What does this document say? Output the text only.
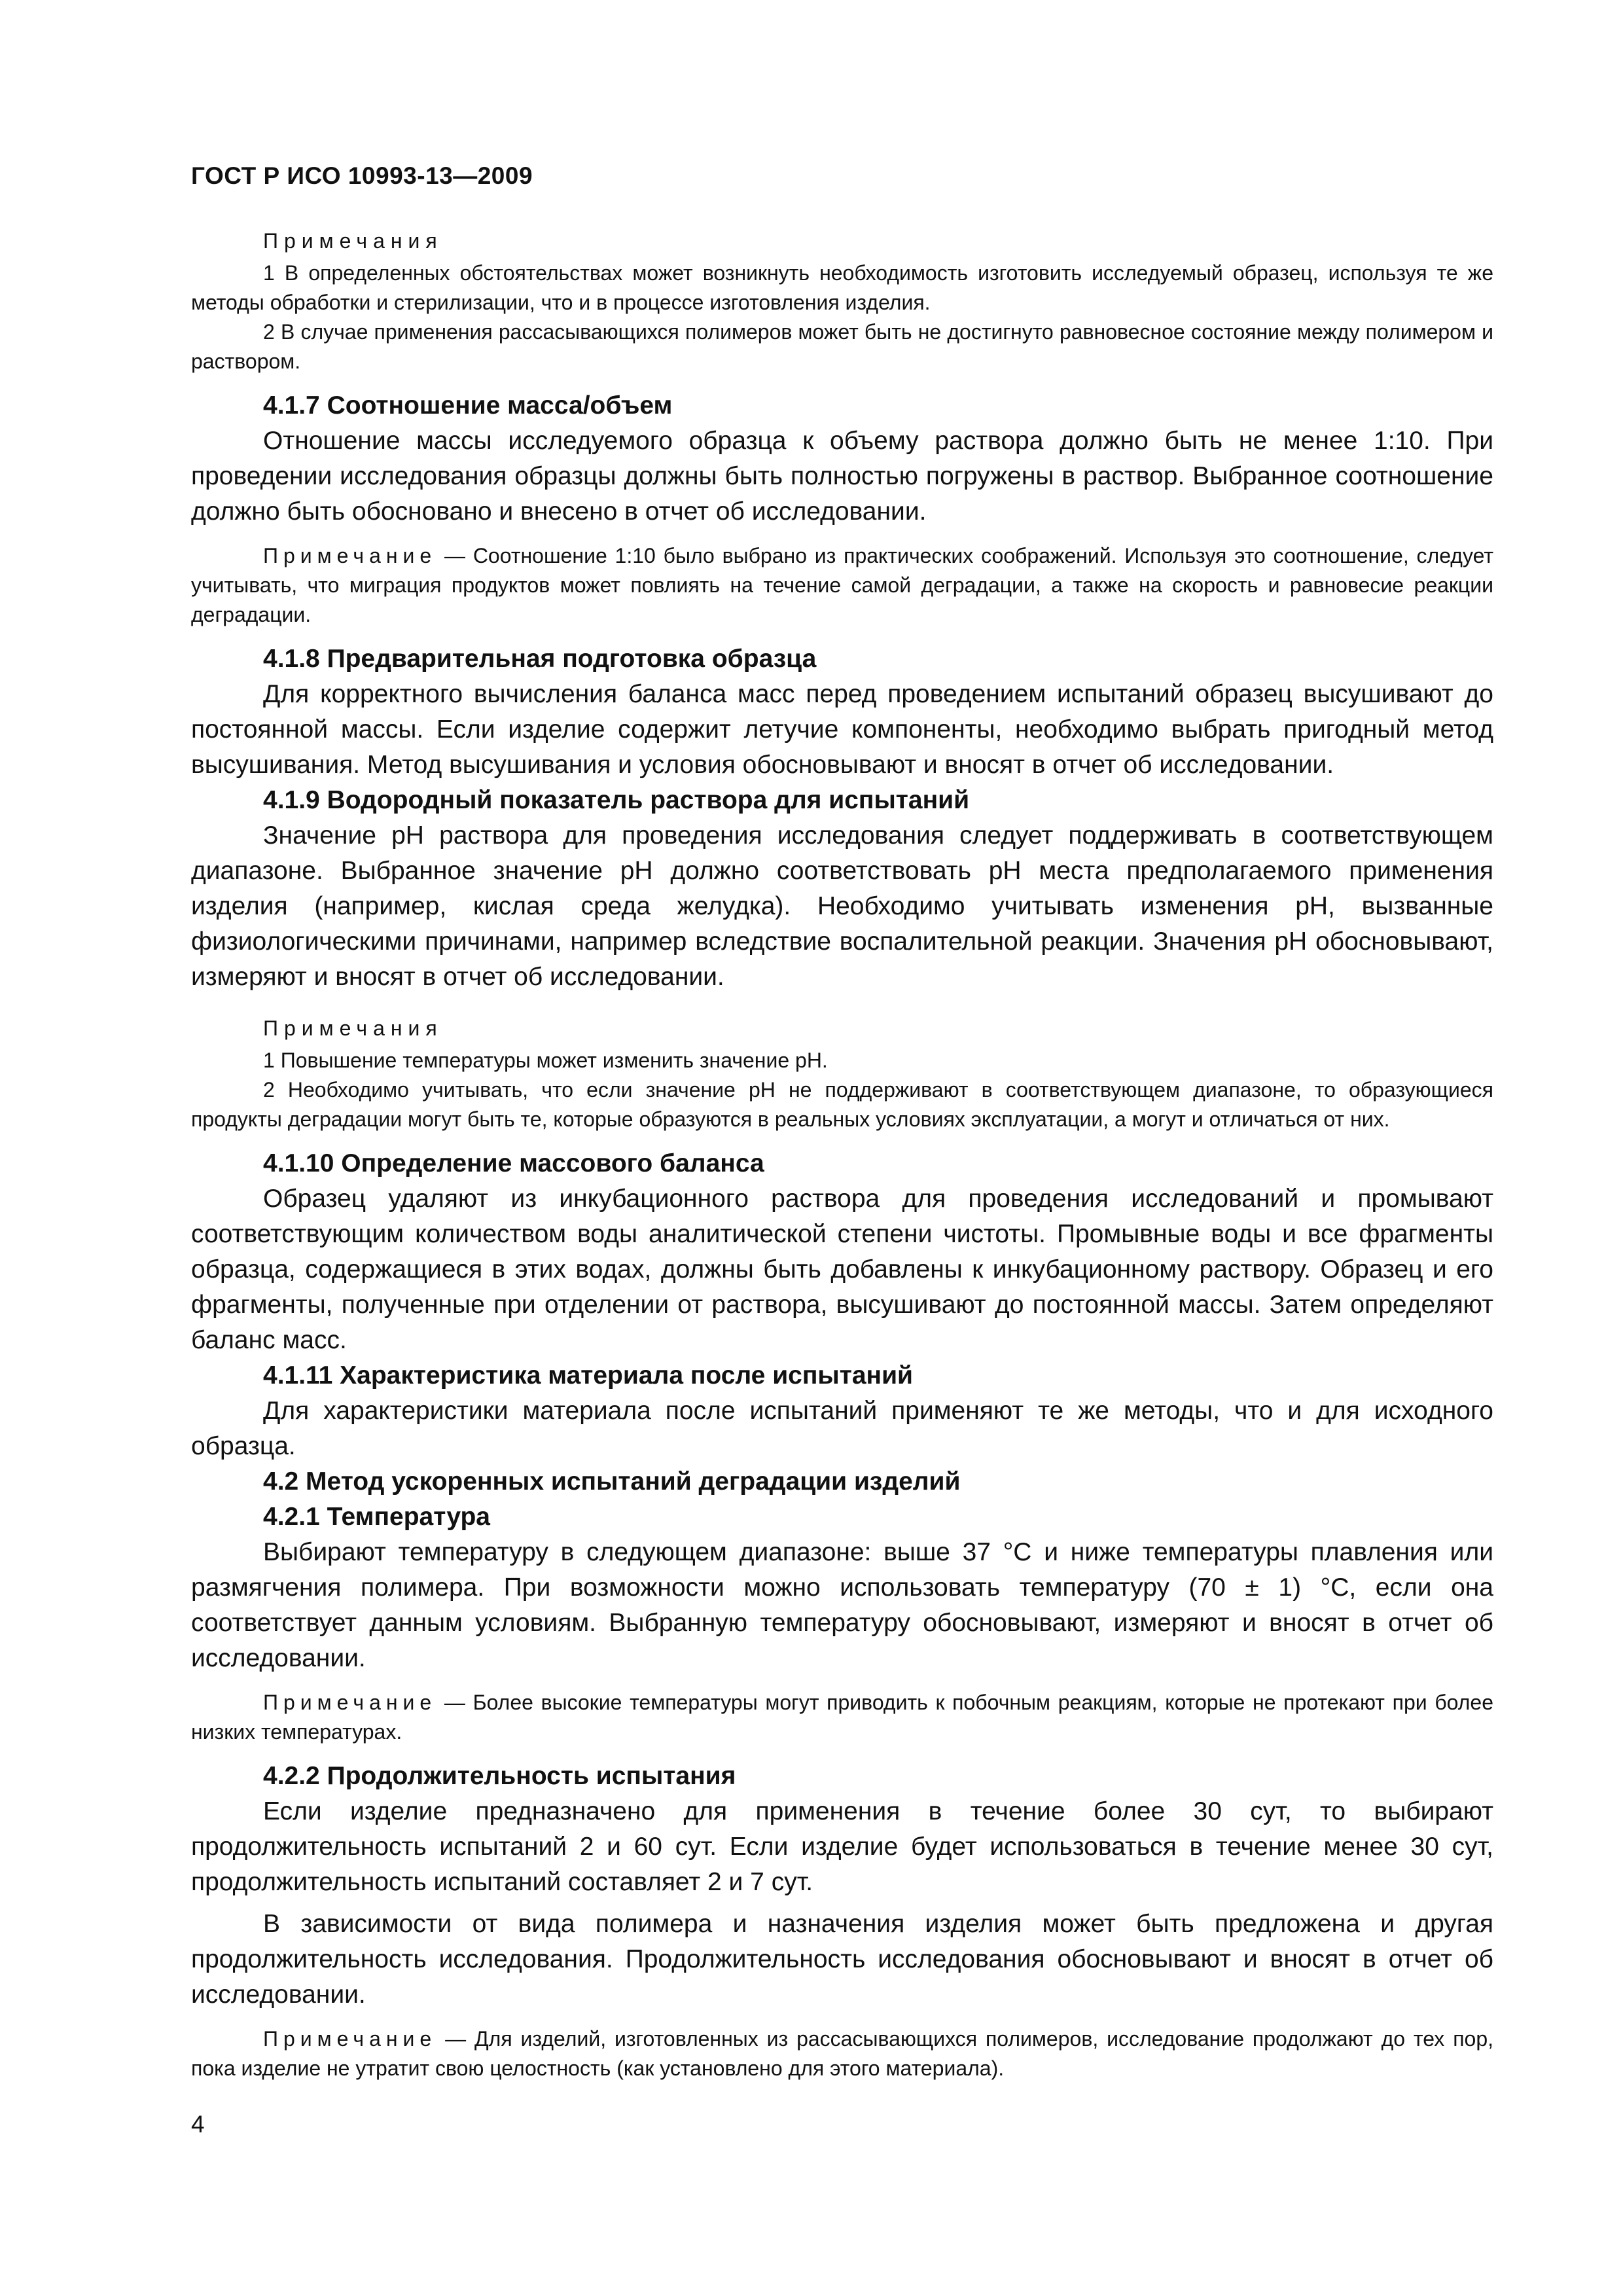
ГОСТ Р ИСО 10993-13—2009
Примечания

1 В определенных обстоятельствах может возникнуть необходимость изготовить исследуемый образец, используя те же методы обработки и стерилизации, что и в процессе изготовления изделия.

2 В случае применения рассасывающихся полимеров может быть не достигнуто равновесное состояние между полимером и раствором.

4.1.7 Соотношение масса/объем

Отношение массы исследуемого образца к объему раствора должно быть не менее 1:10. При проведении исследования образцы должны быть полностью погружены в раствор. Выбранное соотношение должно быть обосновано и внесено в отчет об исследовании.

Примечание — Соотношение 1:10 было выбрано из практических соображений. Используя это соотношение, следует учитывать, что миграция продуктов может повлиять на течение самой деградации, а также на скорость и равновесие реакции деградации.

4.1.8 Предварительная подготовка образца

Для корректного вычисления баланса масс перед проведением испытаний образец высушивают до постоянной массы. Если изделие содержит летучие компоненты, необходимо выбрать пригодный метод высушивания. Метод высушивания и условия обосновывают и вносят в отчет об исследовании.

4.1.9 Водородный показатель раствора для испытаний

Значение pH раствора для проведения исследования следует поддерживать в соответствующем диапазоне. Выбранное значение pH должно соответствовать pH места предполагаемого применения изделия (например, кислая среда желудка). Необходимо учитывать изменения pH, вызванные физиологическими причинами, например вследствие воспалительной реакции. Значения pH обосновывают, измеряют и вносят в отчет об исследовании.

Примечания

1 Повышение температуры может изменить значение pH.

2 Необходимо учитывать, что если значение pH не поддерживают в соответствующем диапазоне, то образующиеся продукты деградации могут быть те, которые образуются в реальных условиях эксплуатации, а могут и отличаться от них.

4.1.10 Определение массового баланса

Образец удаляют из инкубационного раствора для проведения исследований и промывают соответствующим количеством воды аналитической степени чистоты. Промывные воды и все фрагменты образца, содержащиеся в этих водах, должны быть добавлены к инкубационному раствору. Образец и его фрагменты, полученные при отделении от раствора, высушивают до постоянной массы. Затем определяют баланс масс.

4.1.11 Характеристика материала после испытаний

Для характеристики материала после испытаний применяют те же методы, что и для исходного образца.

4.2 Метод ускоренных испытаний деградации изделий
4.2.1 Температура

Выбирают температуру в следующем диапазоне: выше 37 °C и ниже температуры плавления или размягчения полимера. При возможности можно использовать температуру (70 ± 1) °C, если она соответствует данным условиям. Выбранную температуру обосновывают, измеряют и вносят в отчет об исследовании.

Примечание — Более высокие температуры могут приводить к побочным реакциям, которые не протекают при более низких температурах.

4.2.2 Продолжительность испытания

Если изделие предназначено для применения в течение более 30 сут, то выбирают продолжительность испытаний 2 и 60 сут. Если изделие будет использоваться в течение менее 30 сут, продолжительность испытаний составляет 2 и 7 сут.

В зависимости от вида полимера и назначения изделия может быть предложена и другая продолжительность исследования. Продолжительность исследования обосновывают и вносят в отчет об исследовании.

Примечание — Для изделий, изготовленных из рассасывающихся полимеров, исследование продолжают до тех пор, пока изделие не утратит свою целостность (как установлено для этого материала).

4
